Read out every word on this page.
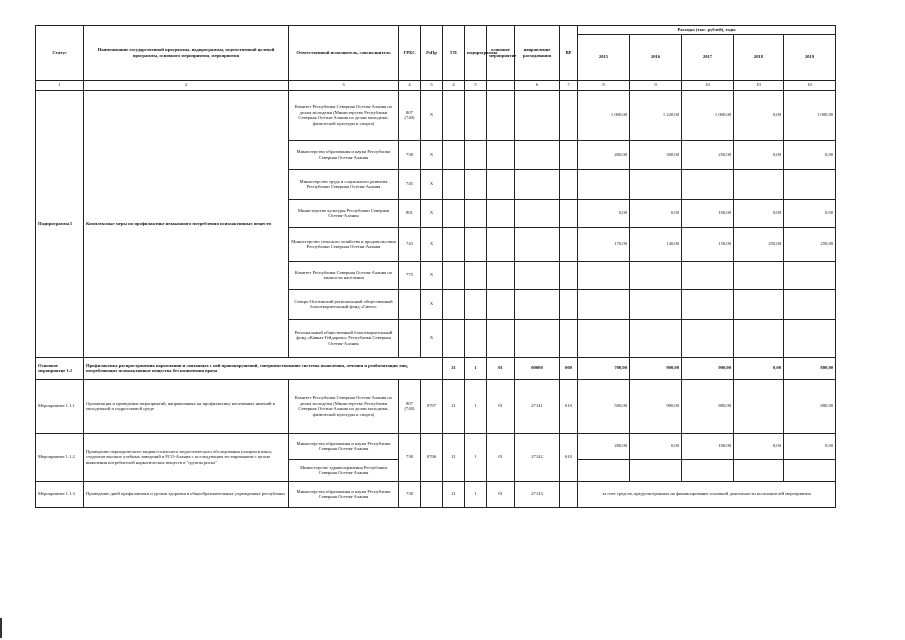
Статус	Наименование государственной программы, подпрограммы, ведомственной целевой программы, основного мероприятия, мероприятия	Ответственный исполнитель, соисполнитель	ГРБС	РзПр	ГП	подпрограмма	основное мероприятие	направление расходования	ВР	Расходы (тыс. рублей), годы				
										2015	2016	2017	2018	2019
1	2	3	4	5	4	5		6	7	8	9	10	10	10
Подпрограмма I	Комплексные меры по профилактике незаконного потребления психоактивных веществ	Комитет Республики Северная Осетия-Алания по делам молодежи (Министерство Республики Северная Осетия-Алания по делам молодежи, физической культуры и спорта)	807 (740)	Х						1 000,00	1 220,00	1 000,00	0,00	1 000,00
		Министерство образования и науки Республики Северная Осетия-Алания	738	Х						400,00	300,00	250,00	0,00	0,00
		Министерство труда и социального развития Республики Северная Осетия-Алания	745	Х										
		Министерство культуры Республики Северная Осетия-Алания	801	Х						0,00	0,00	100,00	0,00	0,00
		Министерство сельского хозяйства и продовольствия Республики Северная Осетия-Алания	743	Х						170,00	140,00	150,00	250,00	250,00
		Комитет Республики Северная Осетия-Алания по занятости населения	775	Х										
		Северо-Осетинский региональный общественный благотворительный фонд «Свеча»		Х										
		Региональный общественный благотворительный фонд «Кавказ-Гейдарово» Республики Северная Осетия-Алания		Х										
Основное мероприятие 1.1	Профилактика распространения наркомании и связанных с ней правонарушений, совершенствование системы выявления, лечения и реабилитации лиц, потребляющих психоактивные вещества без назначения врача				21	1	01	00000	000	700,00	900,00	900,00	0,00	800,00
Мероприятие 1.1.1	Организация и проведение мероприятий, направленных на профилактику негативных явлений в молодежной и подростковой среде	Комитет Республики Северная Осетия-Алания по делам молодежи (Министерство Республики Северная Осетия-Алания по делам молодежи, физической культуры и спорта)	807 (740)	0707	21	1	01	27141	610	500,00	900,00	800,00		800,00
Мероприятие 1.1.2	Проведение периодического медико-психолого-педагогического обследования учащихся школ, студентов высших учебных заведений в РСО-Алания с последующим тестированием с целью выявления потребителей наркотических веществ в "группы риска"	Министерство образования и науки Республики Северная Осетия-Алания	738	0706	21	1	01	27142	610	200,00	0,00	100,00	0,00	0,00
		Министерство здравоохранения Республики Северная Осетия-Алания												
Мероприятие 1.1.3	Проведение дней профилактики и уроков здоровья в общеобразовательных учреждениях республики	Министерство образования и науки Республики Северная Осетия-Алания	738		21	1	01	27143		за счет средств, предусмотренных на финансирование основной деятельности исполнителей мероприятия				
